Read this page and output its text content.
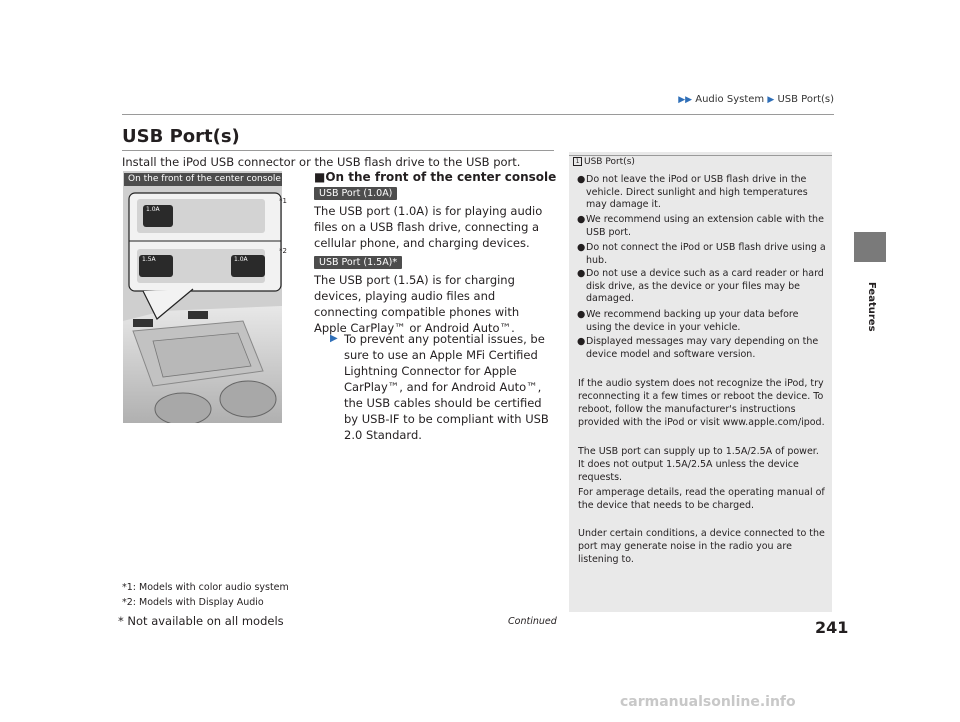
▶▶ Audio System ▶ USB Port(s)
Features
USB Port(s)
Install the iPod USB connector or the USB flash drive to the USB port.
On the front of the center console
1.0A
1.5A	1.0A
*1
*2
■On the front of the center console
USB Port (1.0A)
The USB port (1.0A) is for playing audio files on a USB flash drive, connecting a cellular phone, and charging devices.
USB Port (1.5A)*
The USB port (1.5A) is for charging devices, playing audio files and connecting compatible phones with Apple CarPlay™ or Android Auto™.
▶ To prevent any potential issues, be sure to use an Apple MFi Certified Lightning Connector for Apple CarPlay™, and for Android Auto™, the USB cables should be certified by USB-IF to be compliant with USB 2.0 Standard.
*1: Models with color audio system
*2: Models with Display Audio
1 USB Port(s)
● Do not leave the iPod or USB flash drive in the vehicle. Direct sunlight and high temperatures may damage it.
● We recommend using an extension cable with the USB port.
● Do not connect the iPod or USB flash drive using a hub.
● Do not use a device such as a card reader or hard disk drive, as the device or your files may be damaged.
● We recommend backing up your data before using the device in your vehicle.
● Displayed messages may vary depending on the device model and software version.
If the audio system does not recognize the iPod, try reconnecting it a few times or reboot the device. To reboot, follow the manufacturer's instructions provided with the iPod or visit www.apple.com/ipod.
The USB port can supply up to 1.5A/2.5A of power. It does not output 1.5A/2.5A unless the device requests.
For amperage details, read the operating manual of the device that needs to be charged.
Under certain conditions, a device connected to the port may generate noise in the radio you are listening to.
* Not available on all models	Continued	241
carmanualsonline.info
